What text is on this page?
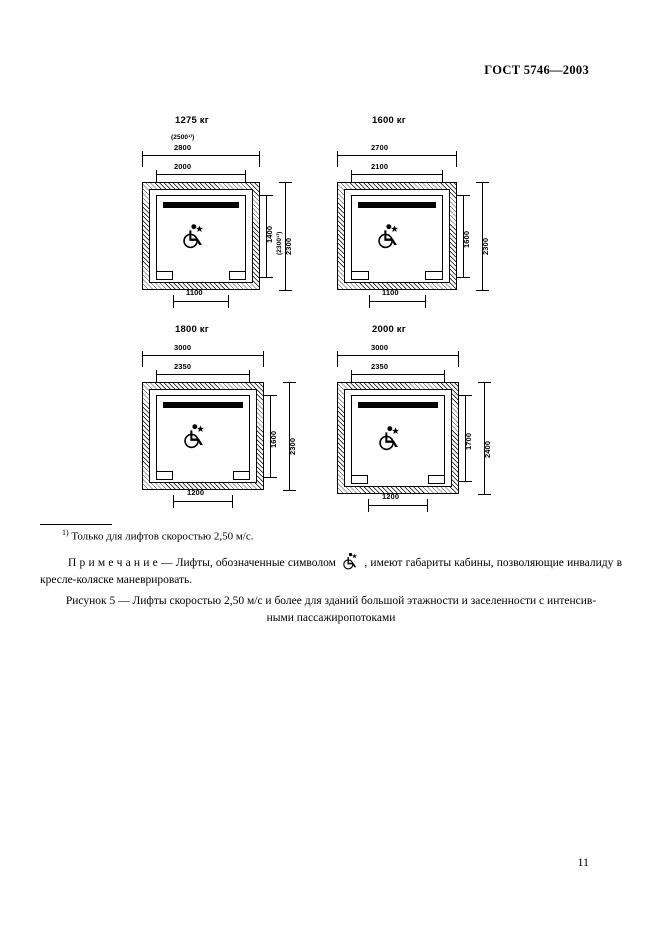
ГОСТ 5746—2003
1275 кг
(2500¹⁾)
2800
2000
1400 (2300¹⁾) 2300
1100
1600 кг
2700
2100
1600 2300
1100
1800 кг
3000
2350
1600 2300
1200
2000 кг
3000
2350
1700 2400
1200
$^{1)}$ Только для лифтов скоростью 2,50 м/с.
П р и м е ч а н и е — Лифты, обозначенные символом , имеют габариты кабины, позволяющие инвалиду в кресле-коляске маневрировать.
Рисунок 5 — Лифты скоростью 2,50 м/с и более для зданий большой этажности и заселенности с интенсив-
ными пассажиропотоками
11
